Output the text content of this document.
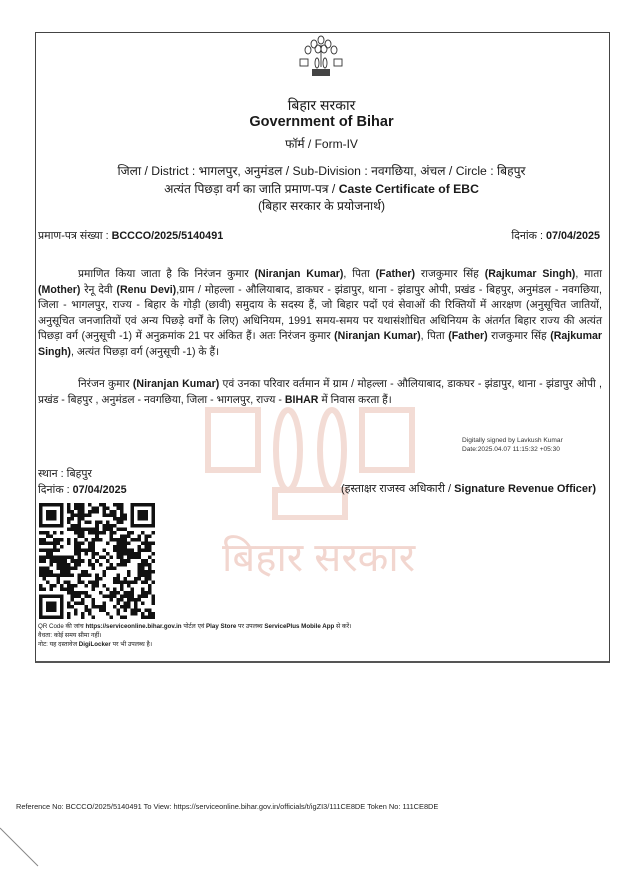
बिहार सरकार
बिहार सरकार
Government of Bihar
फॉर्म / Form-IV
जिला / District : भागलपुर, अनुमंडल / Sub-Division : नवगछिया, अंचल / Circle : बिहपुर
अत्यंत पिछड़ा वर्ग का जाति प्रमाण-पत्र / Caste Certificate of EBC
(बिहार सरकार के प्रयोजनार्थ)
प्रमाण-पत्र संख्या : BCCCO/2025/5140491	दिनांक : 07/04/2025
प्रमाणित किया जाता है कि निरंजन कुमार (Niranjan Kumar), पिता (Father) राजकुमार सिंह (Rajkumar Singh), माता (Mother) रेनू देवी (Renu Devi),ग्राम / मोहल्ला - औलियाबाद, डाकघर - झंडापुर, थाना - झंडापुर ओपी, प्रखंड - बिहपुर, अनुमंडल - नवगछिया, जिला - भागलपुर, राज्य - बिहार के गोड़ी (छावी) समुदाय के सदस्य हैं, जो बिहार पदों एवं सेवाओं की रिक्तियों में आरक्षण (अनुसूचित जातियों, अनुसूचित जनजातियों एवं अन्य पिछड़े वर्गों के लिए) अधिनियम, 1991 समय-समय पर यथासंशोधित अधिनियम के अंतर्गत बिहार राज्य की अत्यंत पिछड़ा वर्ग (अनुसूची -1) में अनुक्रमांक 21 पर अंकित हैं। अतः निरंजन कुमार (Niranjan Kumar), पिता (Father) राजकुमार सिंह (Rajkumar Singh), अत्यंत पिछड़ा वर्ग (अनुसूची -1) के हैं।
निरंजन कुमार (Niranjan Kumar) एवं उनका परिवार वर्तमान में ग्राम / मोहल्ला - औलियाबाद, डाकघर - झंडापुर, थाना - झंडापुर ओपी , प्रखंड - बिहपुर , अनुमंडल - नवगछिया, जिला - भागलपुर, राज्य - BIHAR में निवास करता हैं।
Digitally signed by Lavkush Kumar
Date:2025.04.07 11:15:32 +05:30
स्थान : बिहपुर
दिनांक : 07/04/2025	(हस्ताक्षर राजस्व अधिकारी / Signature Revenue Officer)
QR Code की जांच https://serviceonline.bihar.gov.in पोर्टल एवं Play Store पर उपलब्ध ServicePlus Mobile App से करें।
वैधता: कोई समय सीमा नहीं।
नोट: यह दस्तावेज DigiLocker पर भी उपलब्ध है।
Reference No: BCCCO/2025/5140491 To View: https://serviceonline.bihar.gov.in/officials/t/igZI3/111CE8DE Token No: 111CE8DE
